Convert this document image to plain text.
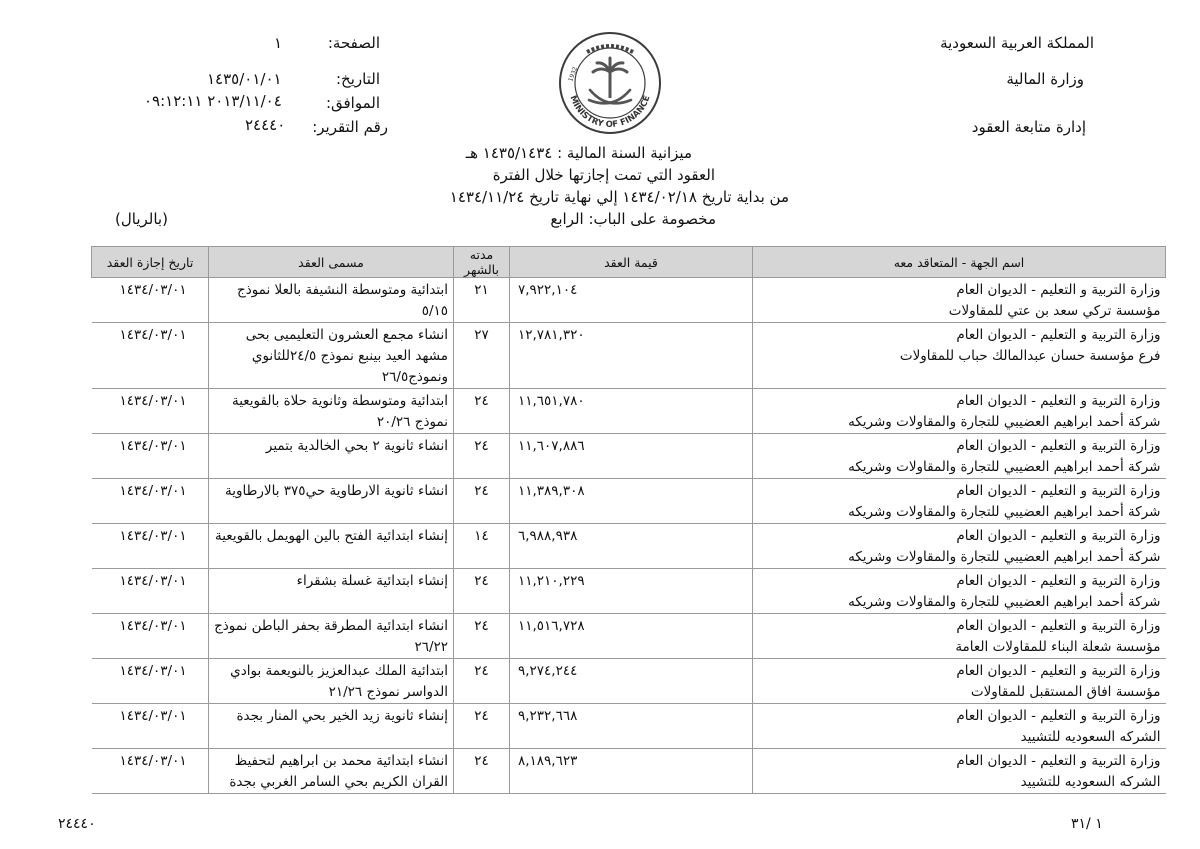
المملكة العربية السعودية
وزارة المالية
إدارة متابعة العقود
الصفحة:
١
التاريخ:
١٤٣٥/٠١/٠١
الموافق:
٢٠١٣/١١/٠٤ ٠٩:١٢:١١
رقم التقرير:
٢٤٤٤٠
MINISTRY OF FINANCE
1932
ميزانية السنة المالية : ١٤٣٥/١٤٣٤ هـ
العقود التي تمت إجازتها خلال الفترة
من بداية تاريخ ١٤٣٤/٠٢/١٨ إلي نهاية تاريخ ١٤٣٤/١١/٢٤
مخصومة على الباب: الرابع
(بالريال)
اسم الجهة - المتعاقد معه	قيمة العقد	مدته بالشهر	مسمى العقد	تاريخ إجازة العقد

وزارة التربية و التعليم - الديوان العام
مؤسسة تركي سعد بن عتي للمقاولات	٧,٩٢٢,١٠٤	٢١	ابتدائية ومتوسطة النشيفة بالعلا نموذج ٥/١٥	١٤٣٤/٠٣/٠١

وزارة التربية و التعليم - الديوان العام
فرع مؤسسة حسان عبدالمالك حباب للمقاولات	١٢,٧٨١,٣٢٠	٢٧	انشاء مجمع العشرون التعليميى بحى مشهد العيد بينبع نموذج ٢٤/٥للثانوي ونموذج٢٦/٥	١٤٣٤/٠٣/٠١

وزارة التربية و التعليم - الديوان العام
شركة أحمد ابراهيم العضيبي للتجارة والمقاولات وشريكه	١١,٦٥١,٧٨٠	٢٤	ابتدائية ومتوسطة وثانوية حلاة بالقويعية نموذج ٢٠/٢٦	١٤٣٤/٠٣/٠١

وزارة التربية و التعليم - الديوان العام
شركة أحمد ابراهيم العضيبي للتجارة والمقاولات وشريكه	١١,٦٠٧,٨٨٦	٢٤	انشاء ثانوية ٢ بحي الخالدية بتمير	١٤٣٤/٠٣/٠١

وزارة التربية و التعليم - الديوان العام
شركة أحمد ابراهيم العضيبي للتجارة والمقاولات وشريكه	١١,٣٨٩,٣٠٨	٢٤	انشاء ثانوية الارطاوية حي٣٧٥ بالارطاوية	١٤٣٤/٠٣/٠١

وزارة التربية و التعليم - الديوان العام
شركة أحمد ابراهيم العضيبي للتجارة والمقاولات وشريكه	٦,٩٨٨,٩٣٨	١٤	إنشاء ابتدائية الفتح بالين الهويمل بالقويعية	١٤٣٤/٠٣/٠١

وزارة التربية و التعليم - الديوان العام
شركة أحمد ابراهيم العضيبي للتجارة والمقاولات وشريكه	١١,٢١٠,٢٢٩	٢٤	إنشاء ابتدائية غسلة بشقراء	١٤٣٤/٠٣/٠١

وزارة التربية و التعليم - الديوان العام
مؤسسة شعلة البناء للمقاولات العامة	١١,٥١٦,٧٢٨	٢٤	انشاء ابتدائية المطرقة بحفر الباطن نموذج ٢٦/٢٢	١٤٣٤/٠٣/٠١

وزارة التربية و التعليم - الديوان العام
مؤسسة افاق المستقبل للمقاولات	٩,٢٧٤,٢٤٤	٢٤	ابتدائية الملك عبدالعزيز بالنويعمة بوادي الدواسر نموذج ٢١/٢٦	١٤٣٤/٠٣/٠١

وزارة التربية و التعليم - الديوان العام
الشركه السعوديه للتشييد	٩,٢٣٢,٦٦٨	٢٤	إنشاء ثانوية زيد الخير بحي المنار بجدة	١٤٣٤/٠٣/٠١

وزارة التربية و التعليم - الديوان العام
الشركه السعوديه للتشييد	٨,١٨٩,٦٢٣	٢٤	انشاء ابتدائية محمد بن ابراهيم لتحفيظ القران الكريم بحي السامر الغربي بجدة	١٤٣٤/٠٣/٠١
٢٤٤٤٠	١ /٣١
